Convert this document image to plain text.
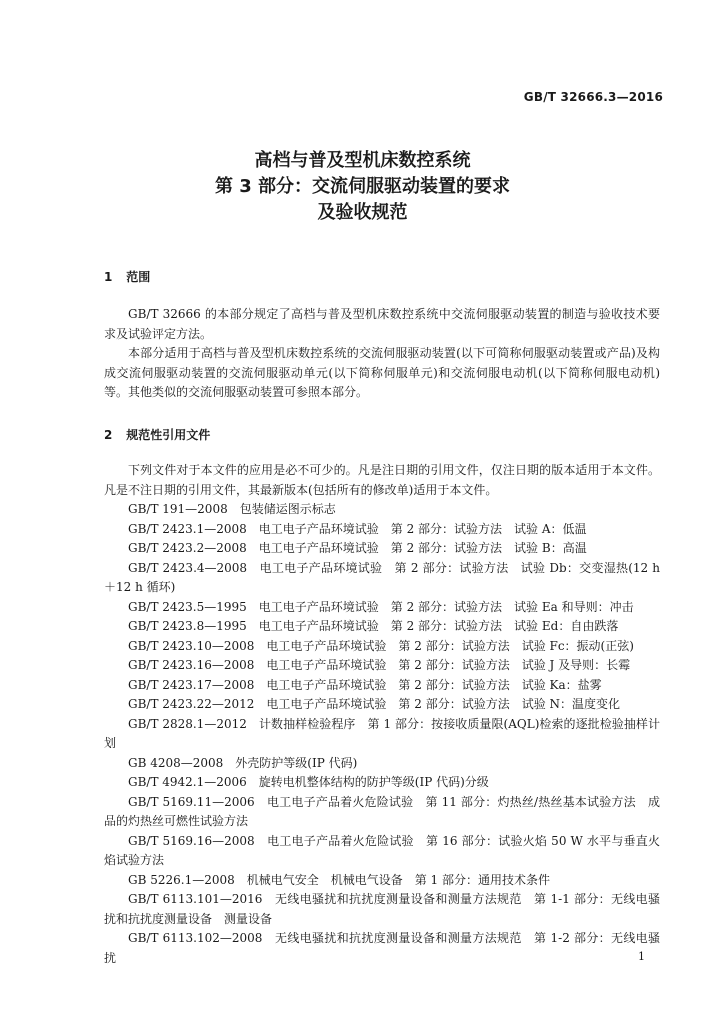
GB/T 32666.3—2016
高档与普及型机床数控系统
第 3 部分：交流伺服驱动装置的要求
及验收规范
1 范围

GB/T 32666 的本部分规定了高档与普及型机床数控系统中交流伺服驱动装置的制造与验收技术要求及试验评定方法。

本部分适用于高档与普及型机床数控系统的交流伺服驱动装置(以下可简称伺服驱动装置或产品)及构成交流伺服驱动装置的交流伺服驱动单元(以下简称伺服单元)和交流伺服电动机(以下简称伺服电动机)等。其他类似的交流伺服驱动装置可参照本部分。

2 规范性引用文件

下列文件对于本文件的应用是必不可少的。凡是注日期的引用文件，仅注日期的版本适用于本文件。凡是不注日期的引用文件，其最新版本(包括所有的修改单)适用于本文件。

GB/T 191—2008　包装储运图示标志

GB/T 2423.1—2008　电工电子产品环境试验　第 2 部分：试验方法　试验 A：低温

GB/T 2423.2—2008　电工电子产品环境试验　第 2 部分：试验方法　试验 B：高温

GB/T 2423.4—2008　电工电子产品环境试验　第 2 部分：试验方法　试验 Db：交变湿热(12 h＋12 h 循环)

GB/T 2423.5—1995　电工电子产品环境试验　第 2 部分：试验方法　试验 Ea 和导则：冲击

GB/T 2423.8—1995　电工电子产品环境试验　第 2 部分：试验方法　试验 Ed：自由跌落

GB/T 2423.10—2008　电工电子产品环境试验　第 2 部分：试验方法　试验 Fc：振动(正弦)

GB/T 2423.16—2008　电工电子产品环境试验　第 2 部分：试验方法　试验 J 及导则：长霉

GB/T 2423.17—2008　电工电子产品环境试验　第 2 部分：试验方法　试验 Ka：盐雾

GB/T 2423.22—2012　电工电子产品环境试验　第 2 部分：试验方法　试验 N：温度变化

GB/T 2828.1—2012　计数抽样检验程序　第 1 部分：按接收质量限(AQL)检索的逐批检验抽样计划

GB 4208—2008　外壳防护等级(IP 代码)

GB/T 4942.1—2006　旋转电机整体结构的防护等级(IP 代码)分级

GB/T 5169.11—2006　电工电子产品着火危险试验　第 11 部分：灼热丝/热丝基本试验方法　成品的灼热丝可燃性试验方法

GB/T 5169.16—2008　电工电子产品着火危险试验　第 16 部分：试验火焰 50 W 水平与垂直火焰试验方法

GB 5226.1—2008　机械电气安全　机械电气设备　第 1 部分：通用技术条件

GB/T 6113.101—2016　无线电骚扰和抗扰度测量设备和测量方法规范　第 1-1 部分：无线电骚扰和抗扰度测量设备　测量设备

GB/T 6113.102—2008　无线电骚扰和抗扰度测量设备和测量方法规范　第 1-2 部分：无线电骚扰	1
